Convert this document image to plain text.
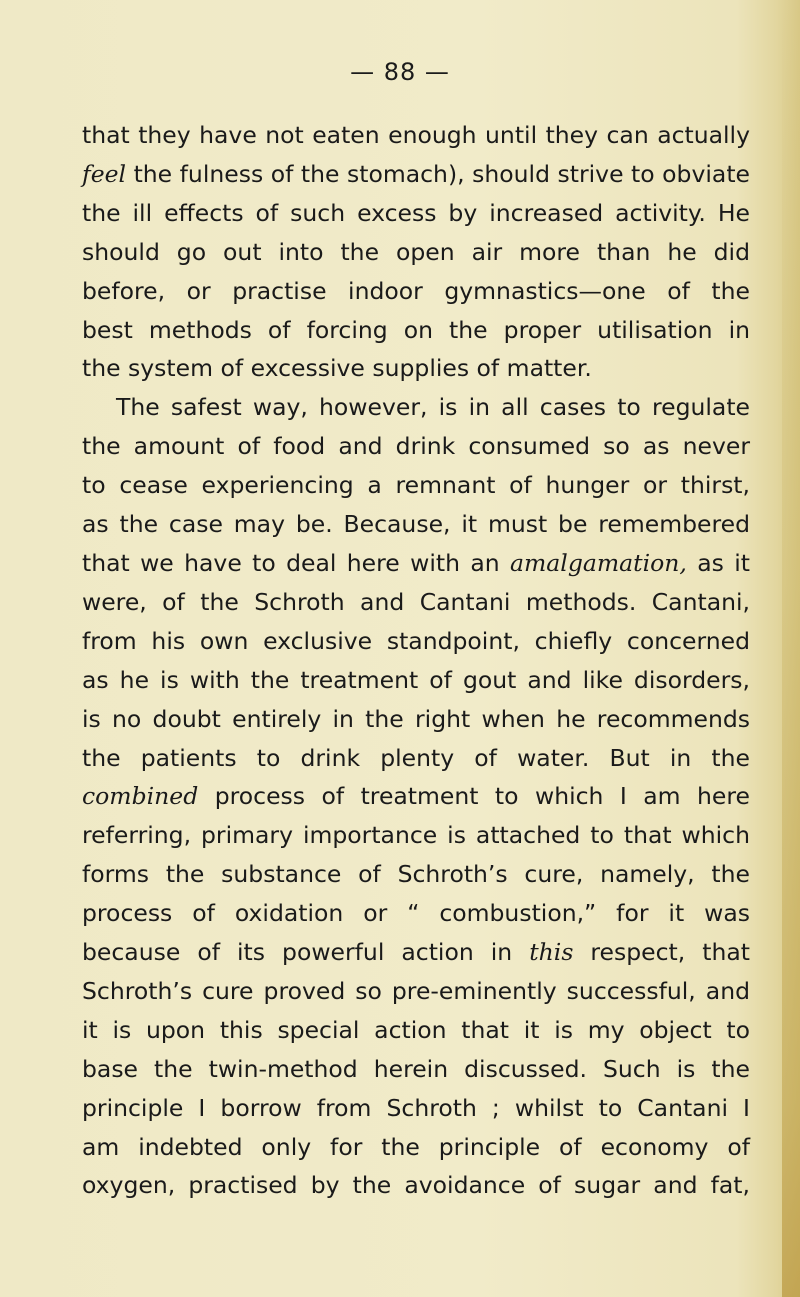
— 88 —
that they have not eaten enough until they can actually
feel the fulness of the stomach), should strive to obviate
the ill effects of such excess by increased activity. He
should go out into the open air more than he did
before, or practise indoor gymnastics—one of the
best methods of forcing on the proper utilisation in
the system of excessive supplies of matter.
The safest way, however, is in all cases to regulate
the amount of food and drink consumed so as never
to cease experiencing a remnant of hunger or thirst,
as the case may be. Because, it must be remembered
that we have to deal here with an amalgamation, as it
were, of the Schroth and Cantani methods. Cantani,
from his own exclusive standpoint, chiefly concerned
as he is with the treatment of gout and like disorders,
is no doubt entirely in the right when he recommends
the patients to drink plenty of water. But in the
combined process of treatment to which I am here
referring, primary importance is attached to that which
forms the substance of Schroth’s cure, namely, the
process of oxidation or “ combustion,” for it was
because of its powerful action in this respect, that
Schroth’s cure proved so pre-eminently successful, and
it is upon this special action that it is my object to
base the twin-method herein discussed. Such is the
principle I borrow from Schroth ; whilst to Cantani I
am indebted only for the principle of economy of
oxygen, practised by the avoidance of sugar and fat,
